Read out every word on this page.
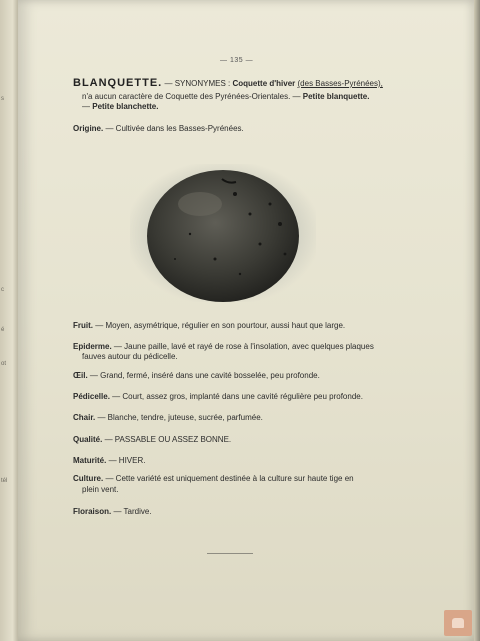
s
c
é
ot
tél
— 135 —
BLANQUETTE. — SYNONYMES : Coquette d'hiver (des Basses-Pyrénées),
n'a aucun caractère de Coquette des Pyrénées-Orientales. — Petite blanquette.
— Petite blanchette.
Origine. — Cultivée dans les Basses-Pyrénées.
Fruit. — Moyen, asymétrique, régulier en son pourtour, aussi haut que large.
Epiderme. — Jaune paille, lavé et rayé de rose à l'insolation, avec quelques plaques
fauves autour du pédicelle.
Œil. — Grand, fermé, inséré dans une cavité bosselée, peu profonde.
Pédicelle. — Court, assez gros, implanté dans une cavité régulière peu profonde.
Chair. — Blanche, tendre, juteuse, sucrée, parfumée.
Qualité. — PASSABLE OU ASSEZ BONNE.
Maturité. — HIVER.
Culture. — Cette variété est uniquement destinée à la culture sur haute tige en
plein vent.
Floraison. — Tardive.
